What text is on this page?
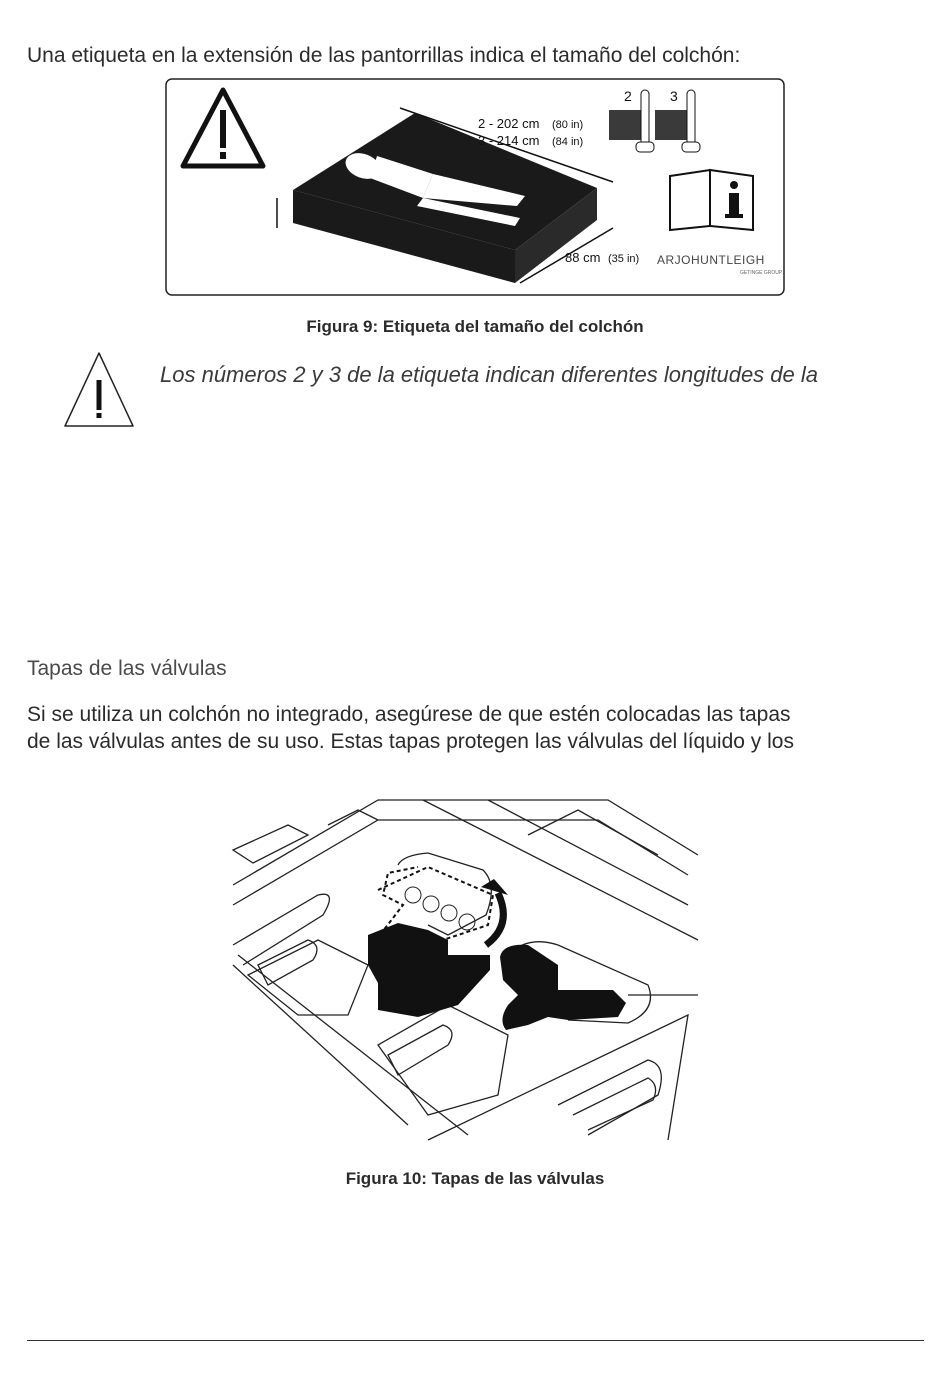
Una etiqueta en la extensión de las pantorrillas indica el tamaño del colchón:
2 - 202 cm (80 in)
3 - 214 cm (84 in)
88 cm (35 in)
2	3
ARJOHUNTLEIGH
GETINGE GROUP
Figura 9: Etiqueta del tamaño del colchón
Los números 2 y 3 de la etiqueta indican diferentes longitudes de la
Tapas de las válvulas
Si se utiliza un colchón no integrado, asegúrese de que estén colocadas las tapas
de las válvulas antes de su uso. Estas tapas protegen las válvulas del líquido y los
Figura 10: Tapas de las válvulas
